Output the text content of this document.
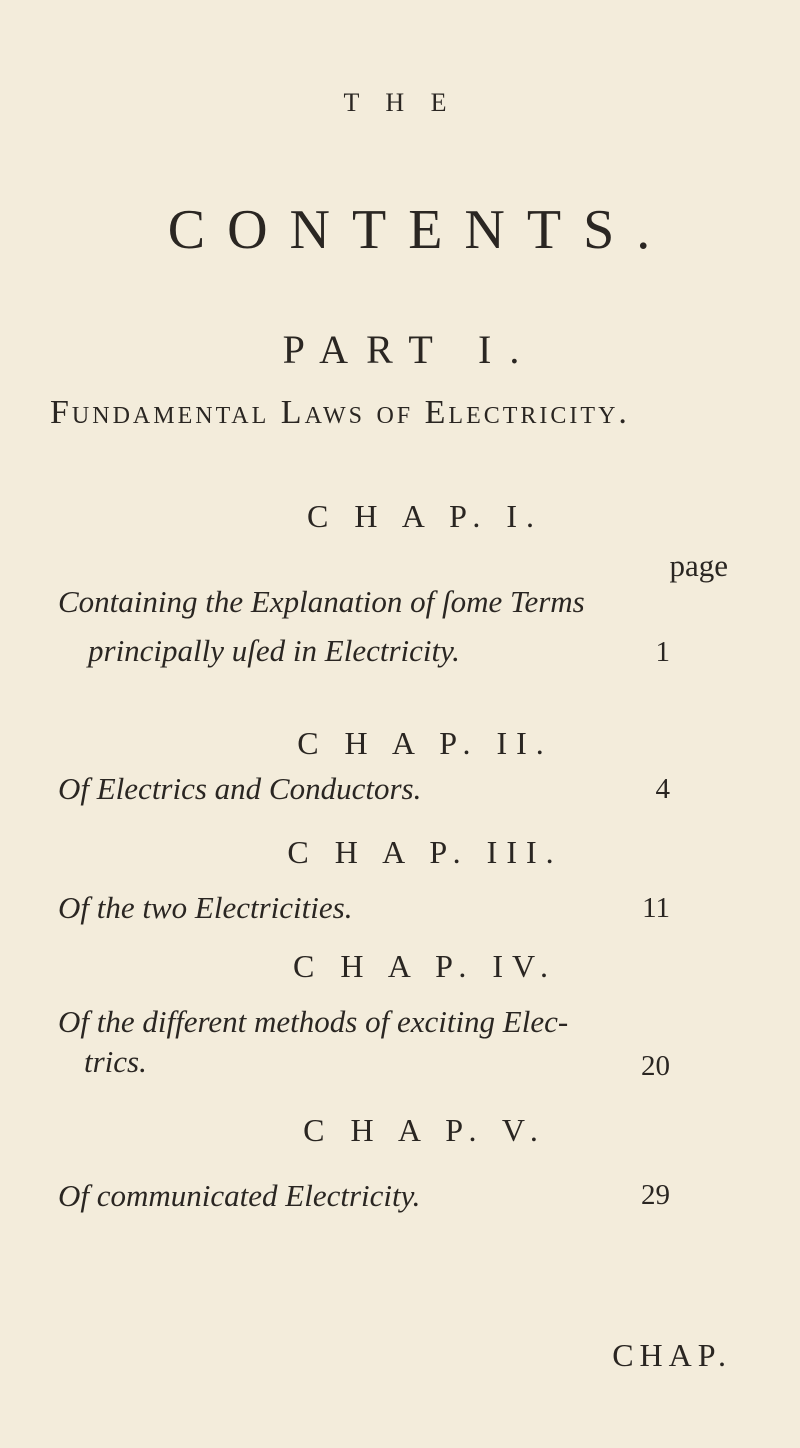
T H E
CONTENTS.
PART I.
Fundamental Laws of Electricity.
C H A P. I.
page
Containing the Explanation of ſome Terms
principally uſed in Electricity.	1
C H A P. II.
Of Electrics and Conductors.	4
C H A P. III.
Of the two Electricities.	11
C H A P. IV.
Of the different methods of exciting Elec-
trics.	20
C H A P. V.
Of communicated Electricity.	29
CHAP.
